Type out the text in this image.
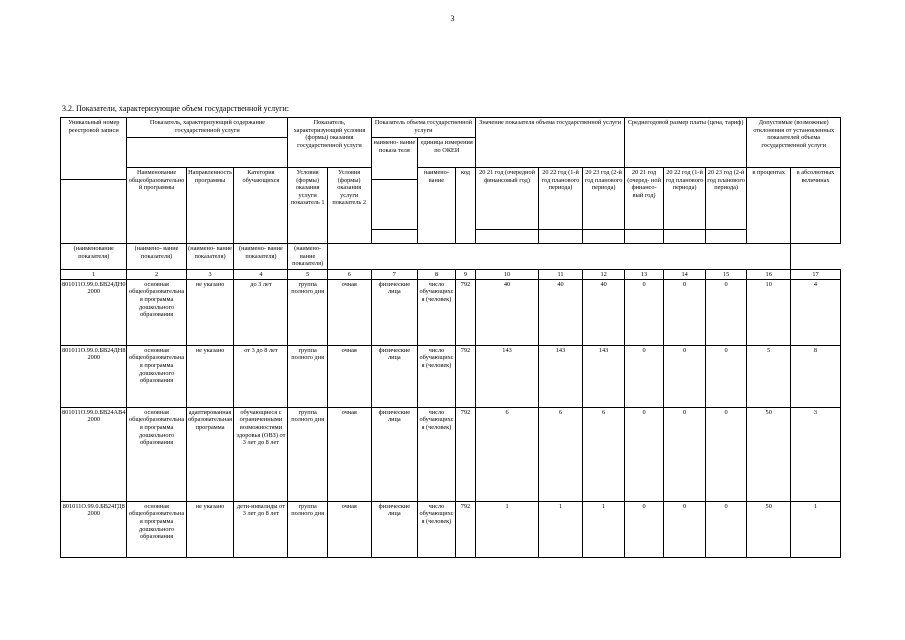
3
3.2. Показатели, характеризующие объем государственной услуги:
Уникальный номер реестровой записи	Показатель, характеризующий содержание государственной услуги			Показатель, характеризующий условия (формы) оказания государственной услуги		Показатель объема государственной услуги			Значение показателя объема государственной услуги			Среднегодовой размер платы (цена, тариф)			Допустимые (возможные) отклонения от установленных показателей объема государственной услуги	
						наимено- вание показа теля	единица измерения по ОКЕИ									
	Наименование общеобразовательной программы	Направленность программы	Категория обучающихся	Условия (формы) оказания услуги показатель 1	Условия (формы) оказания услуги показатель 2		наимено- вание	код	20 21 год (очередной финансовый год)	20 22 год (1-й год планового периода)	20 23 год (2-й год планового периода)	20 21 год (очеред- ной финансо- вый год)	20 22 год (1-й год планового периода)	20 23 год (2-й год планового периода)	в процентах	в абсолютных величинах

(наименование показателя)	(наимено- вание показателя)	(наимено- вание показателя)	(наимено- вание показателя)	(наимено- вание показателя)												
1	2	3	4	5	6	7	8	9	10	11	12	13	14	15	16	17
801011О.99.0.БВ24ДН02000	основная общеобразовательная программа дошкольного образования	не указано	до 3 лет	группа полного дня	очная	физические лица	число обучающихся (человек)	792	40	40	40	0	0	0	10	4
801011О.99.0.БВ24ДН82000	основная общеобразовательная программа дошкольного образования	не указано	от 3 до 8 лет	группа полного дня	очная	физические лица	число обучающихся (человек)	792	143	143	143	0	0	0	5	8
801011О.99.0.БВ24АВ42000	основная общеобразовательная программа дошкольного образования	адаптированная образовательная программа	обучающиеся с ограниченными возможностями здоровья (ОВЗ) от 3 лет до 8 лет	группа полного дня	очная	физические лица	число обучающихся (человек)	792	6	6	6	0	0	0	50	3
801011О.99.0.БВ24ГД82000	основная общеобразовательная программа дошкольного образования	не указано	дети-инвалиды от 3 лет до 8 лет	группа полного дня	очная	физические лица	число обучающихся (человек)	792	1	1	1	0	0	0	50	1
